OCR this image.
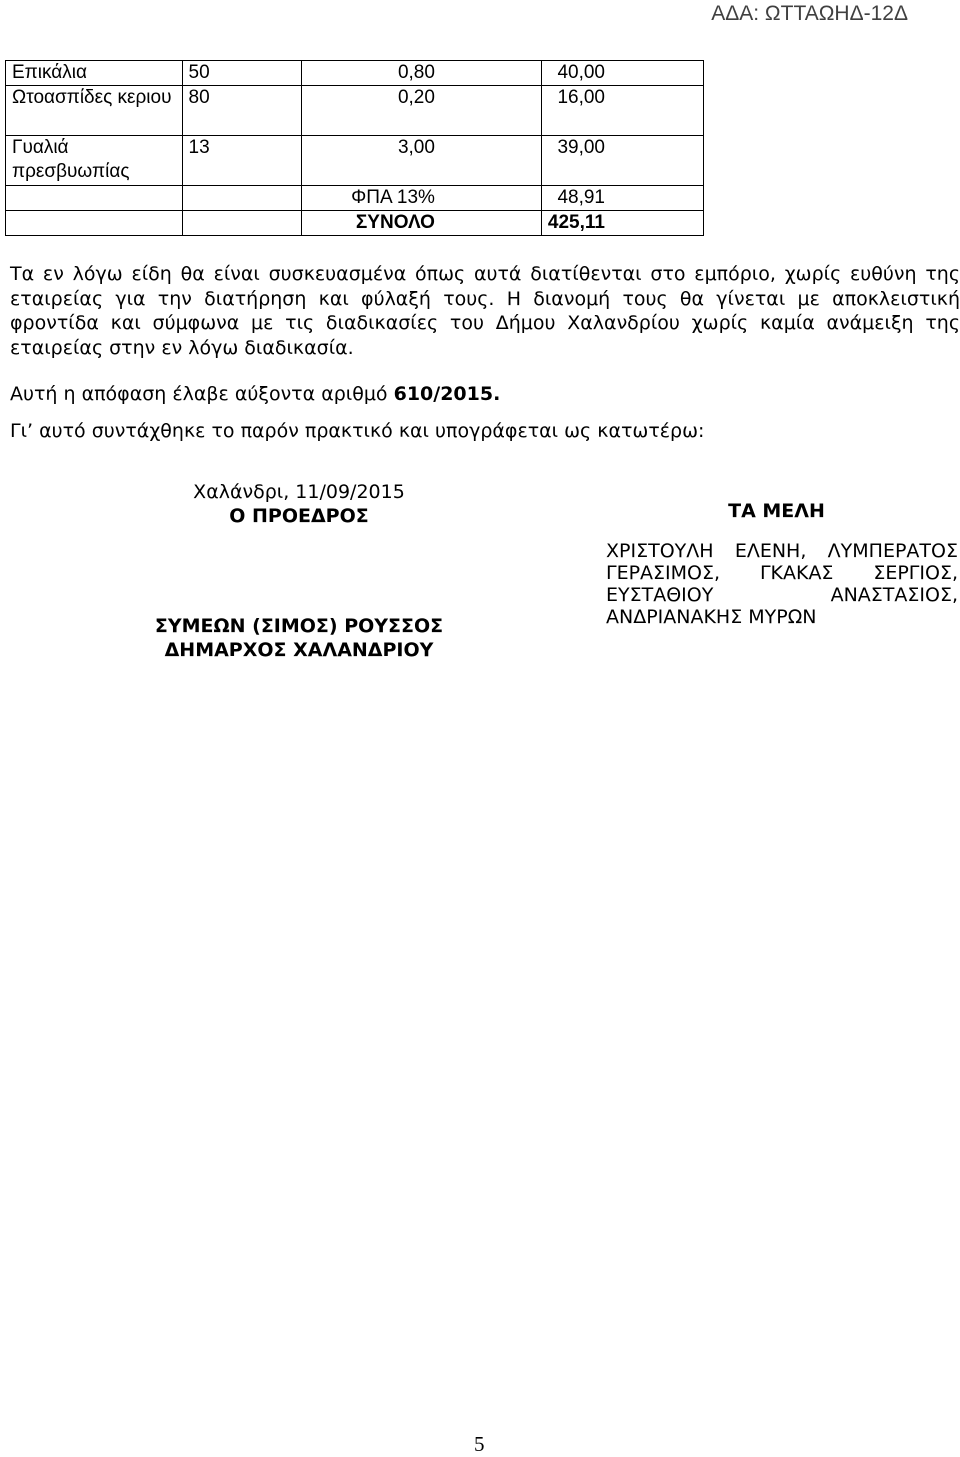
ΑΔΑ: ΩΤΤΑΩΗΔ-12Δ
Επικάλια	50	0,80	40,00
Ωτοασπίδες κεριου	80	0,20	16,00
Γυαλιά πρεσβυωπίας	13	3,00	39,00
		ΦΠΑ 13%	48,91
		ΣΥΝΟΛΟ	425,11
Τα εν λόγω είδη θα είναι συσκευασμένα όπως αυτά διατίθενται στο εμπόριο, χωρίς ευθύνη της εταιρείας για την διατήρηση και φύλαξή τους. Η διανομή τους θα γίνεται με αποκλειστική φροντίδα και σύμφωνα με τις διαδικασίες του Δήμου Χαλανδρίου χωρίς καμία ανάμειξη της εταιρείας στην εν λόγω διαδικασία.
Αυτή η απόφαση έλαβε αύξοντα αριθμό 610/2015.
Γι’ αυτό συντάχθηκε το παρόν πρακτικό και υπογράφεται ως κατωτέρω:
Χαλάνδρι, 11/09/2015
Ο ΠΡΟΕΔΡΟΣ
ΣΥΜΕΩΝ (ΣΙΜΟΣ) ΡΟΥΣΣΟΣ
ΔΗΜΑΡΧΟΣ ΧΑΛΑΝΔΡΙΟΥ
ΤΑ ΜΕΛΗ
ΧΡΙΣΤΟΥΛΗ ΕΛΕΝΗ, ΛΥΜΠΕΡΑΤΟΣ ΓΕΡΑΣΙΜΟΣ, ΓΚΑΚΑΣ ΣΕΡΓΙΟΣ, ΕΥΣΤΑΘΙΟΥ ΑΝΑΣΤΑΣΙΟΣ, ΑΝΔΡΙΑΝΑΚΗΣ ΜΥΡΩΝ
5
